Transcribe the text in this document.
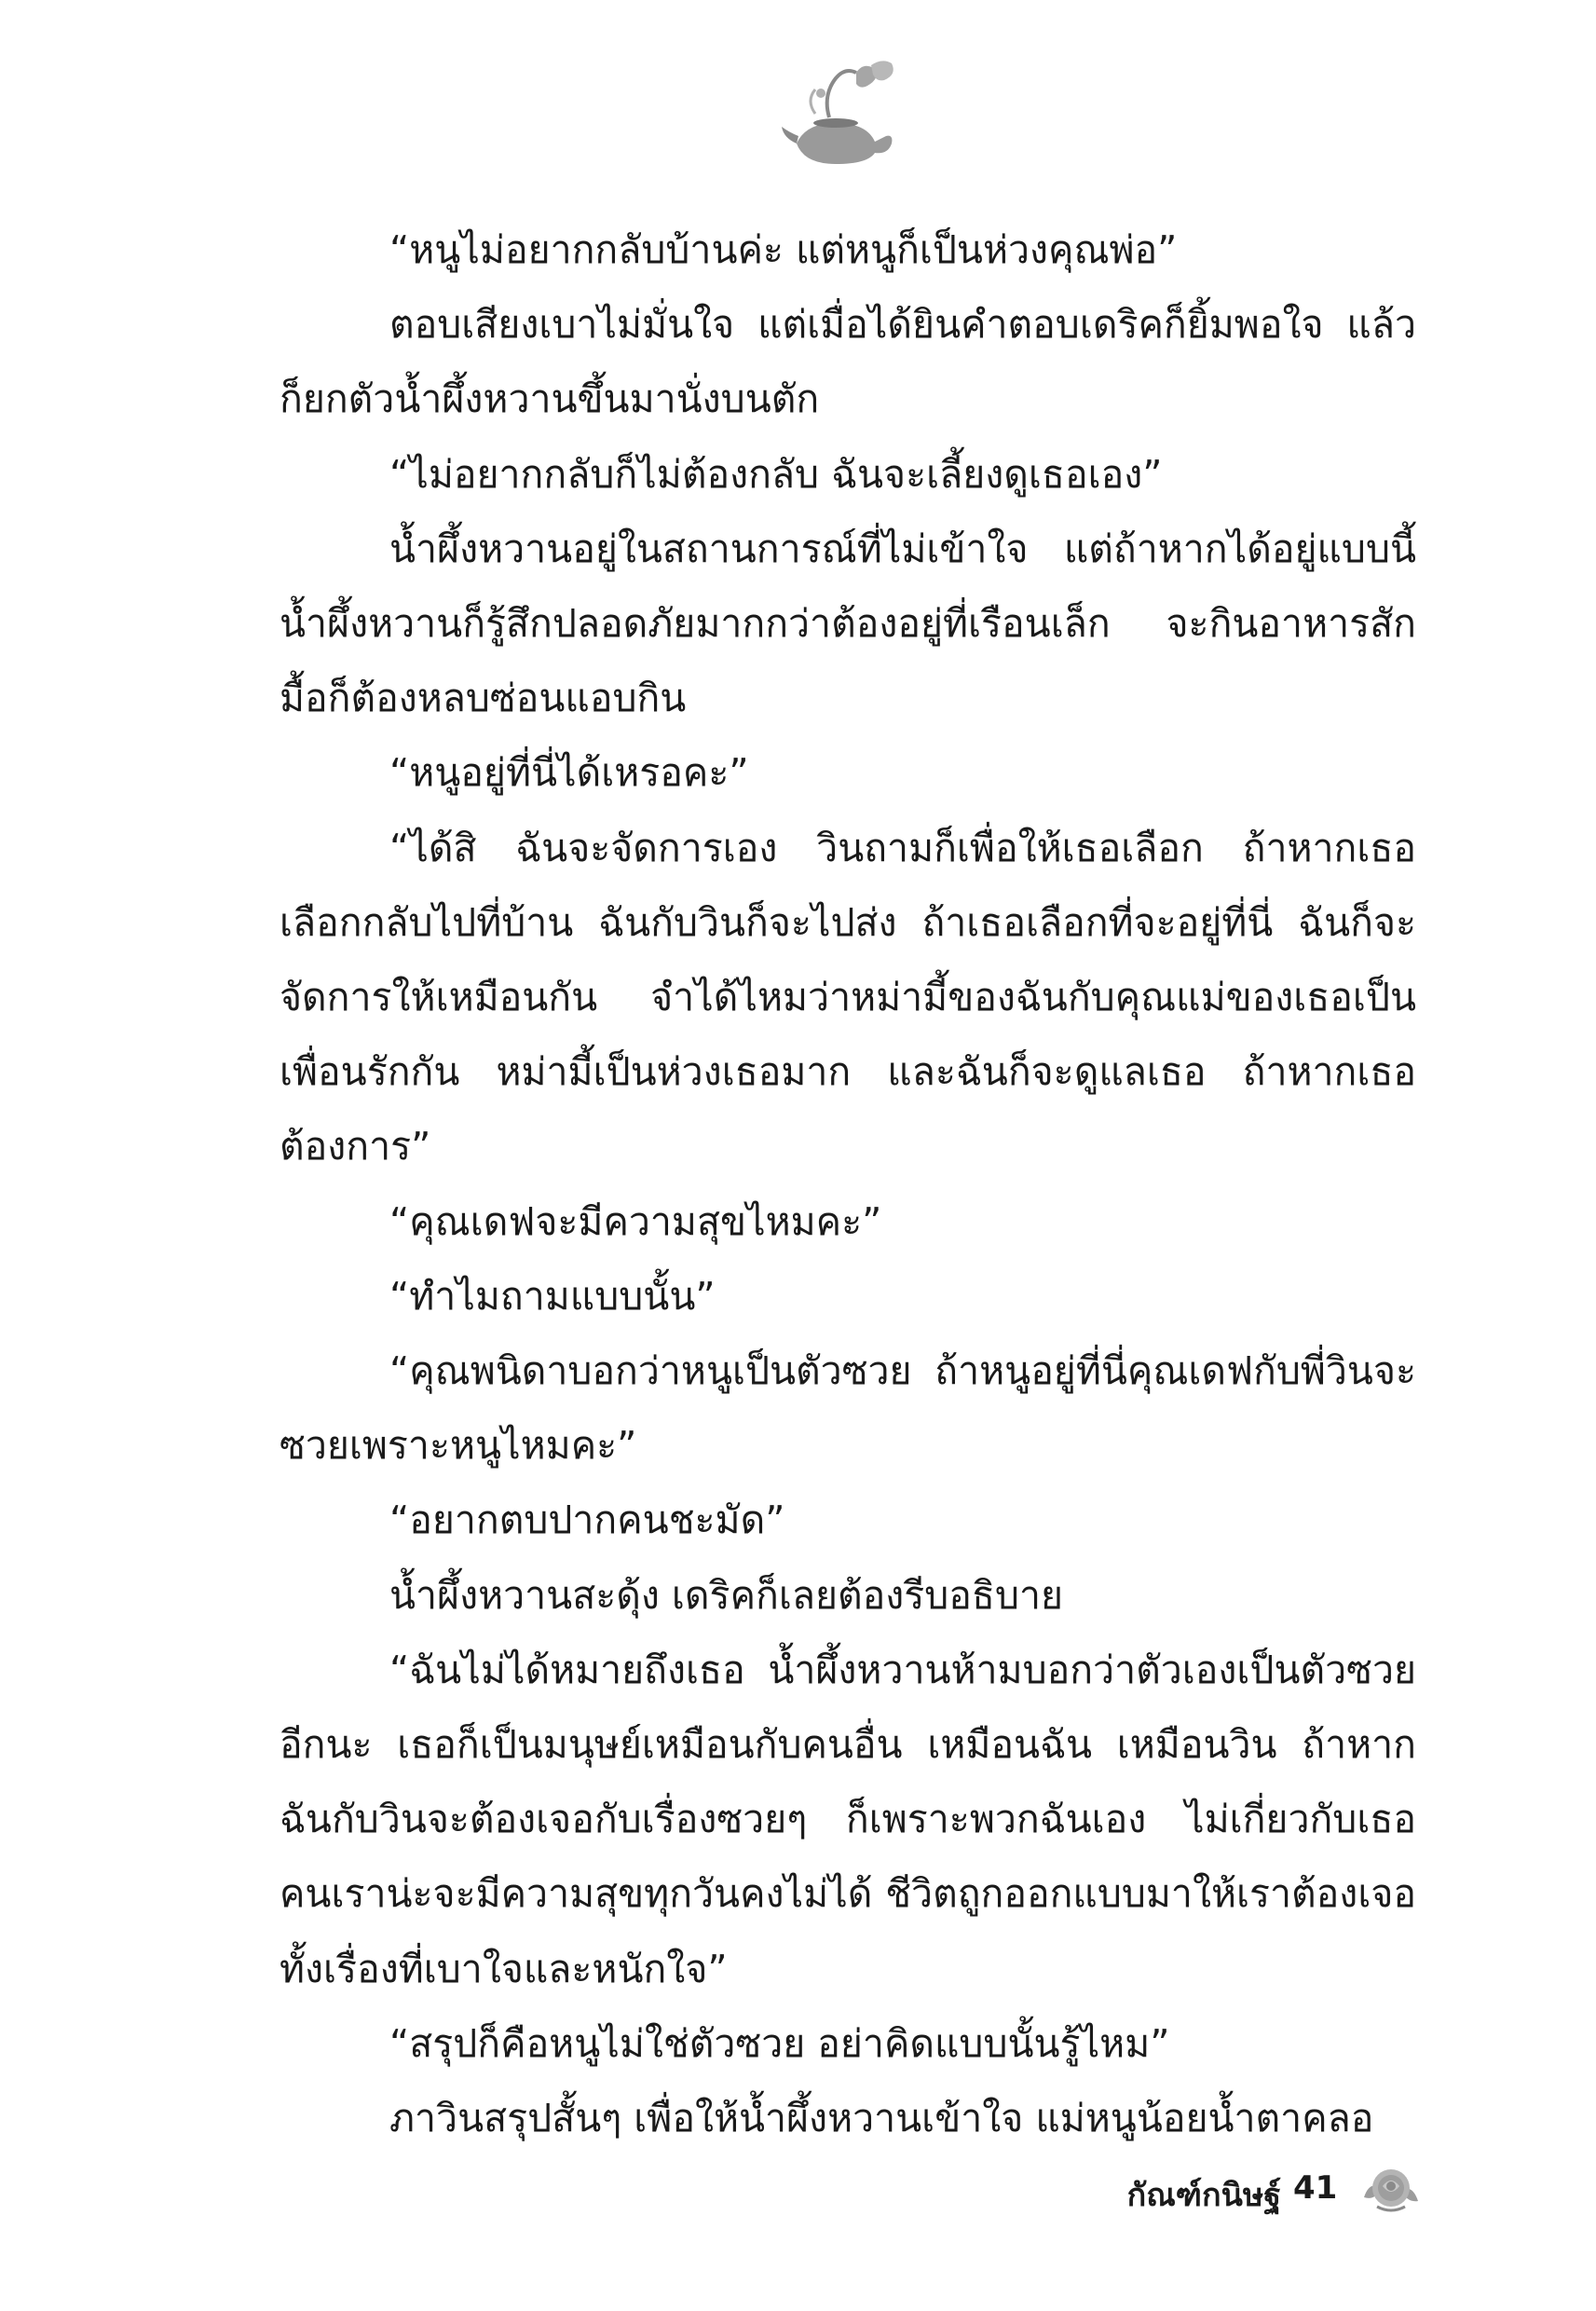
“หนูไม่อยากกลับบ้านค่ะ แต่หนูก็เป็นห่วงคุณพ่อ”

ตอบเสียงเบาไม่มั่นใจ แต่เมื่อได้ยินคำตอบเดริคก็ยิ้มพอใจ แล้วก็ยกตัวน้ำผึ้งหวานขึ้นมานั่งบนตัก

“ไม่อยากกลับก็ไม่ต้องกลับ ฉันจะเลี้ยงดูเธอเอง”

น้ำผึ้งหวานอยู่ในสถานการณ์ที่ไม่เข้าใจ แต่ถ้าหากได้อยู่แบบนี้ น้ำผึ้งหวานก็รู้สึกปลอดภัยมากกว่าต้องอยู่ที่เรือนเล็ก จะกินอาหารสักมื้อก็ต้องหลบซ่อนแอบกิน

“หนูอยู่ที่นี่ได้เหรอคะ”

“ได้สิ ฉันจะจัดการเอง วินถามก็เพื่อให้เธอเลือก ถ้าหากเธอเลือกกลับไปที่บ้าน ฉันกับวินก็จะไปส่ง ถ้าเธอเลือกที่จะอยู่ที่นี่ ฉันก็จะจัดการให้เหมือนกัน จำได้ไหมว่าหม่ามี้ของฉันกับคุณแม่ของเธอเป็นเพื่อนรักกัน หม่ามี้เป็นห่วงเธอมาก และฉันก็จะดูแลเธอ ถ้าหากเธอต้องการ”

“คุณเดฟจะมีความสุขไหมคะ”

“ทำไมถามแบบนั้น”

“คุณพนิดาบอกว่าหนูเป็นตัวซวย ถ้าหนูอยู่ที่นี่คุณเดฟกับพี่วินจะซวยเพราะหนูไหมคะ”

“อยากตบปากคนชะมัด”

น้ำผึ้งหวานสะดุ้ง เดริคก็เลยต้องรีบอธิบาย

“ฉันไม่ได้หมายถึงเธอ น้ำผึ้งหวานห้ามบอกว่าตัวเองเป็นตัวซวยอีกนะ เธอก็เป็นมนุษย์เหมือนกับคนอื่น เหมือนฉัน เหมือนวิน ถ้าหากฉันกับวินจะต้องเจอกับเรื่องซวยๆ ก็เพราะพวกฉันเอง ไม่เกี่ยวกับเธอ คนเราน่ะจะมีความสุขทุกวันคงไม่ได้ ชีวิตถูกออกแบบมาให้เราต้องเจอทั้งเรื่องที่เบาใจและหนักใจ”

“สรุปก็คือหนูไม่ใช่ตัวซวย อย่าคิดแบบนั้นรู้ไหม”

ภาวินสรุปสั้นๆ เพื่อให้น้ำผึ้งหวานเข้าใจ แม่หนูน้อยน้ำตาคลอ

กัณฑ์กนิษฐ์ 41
